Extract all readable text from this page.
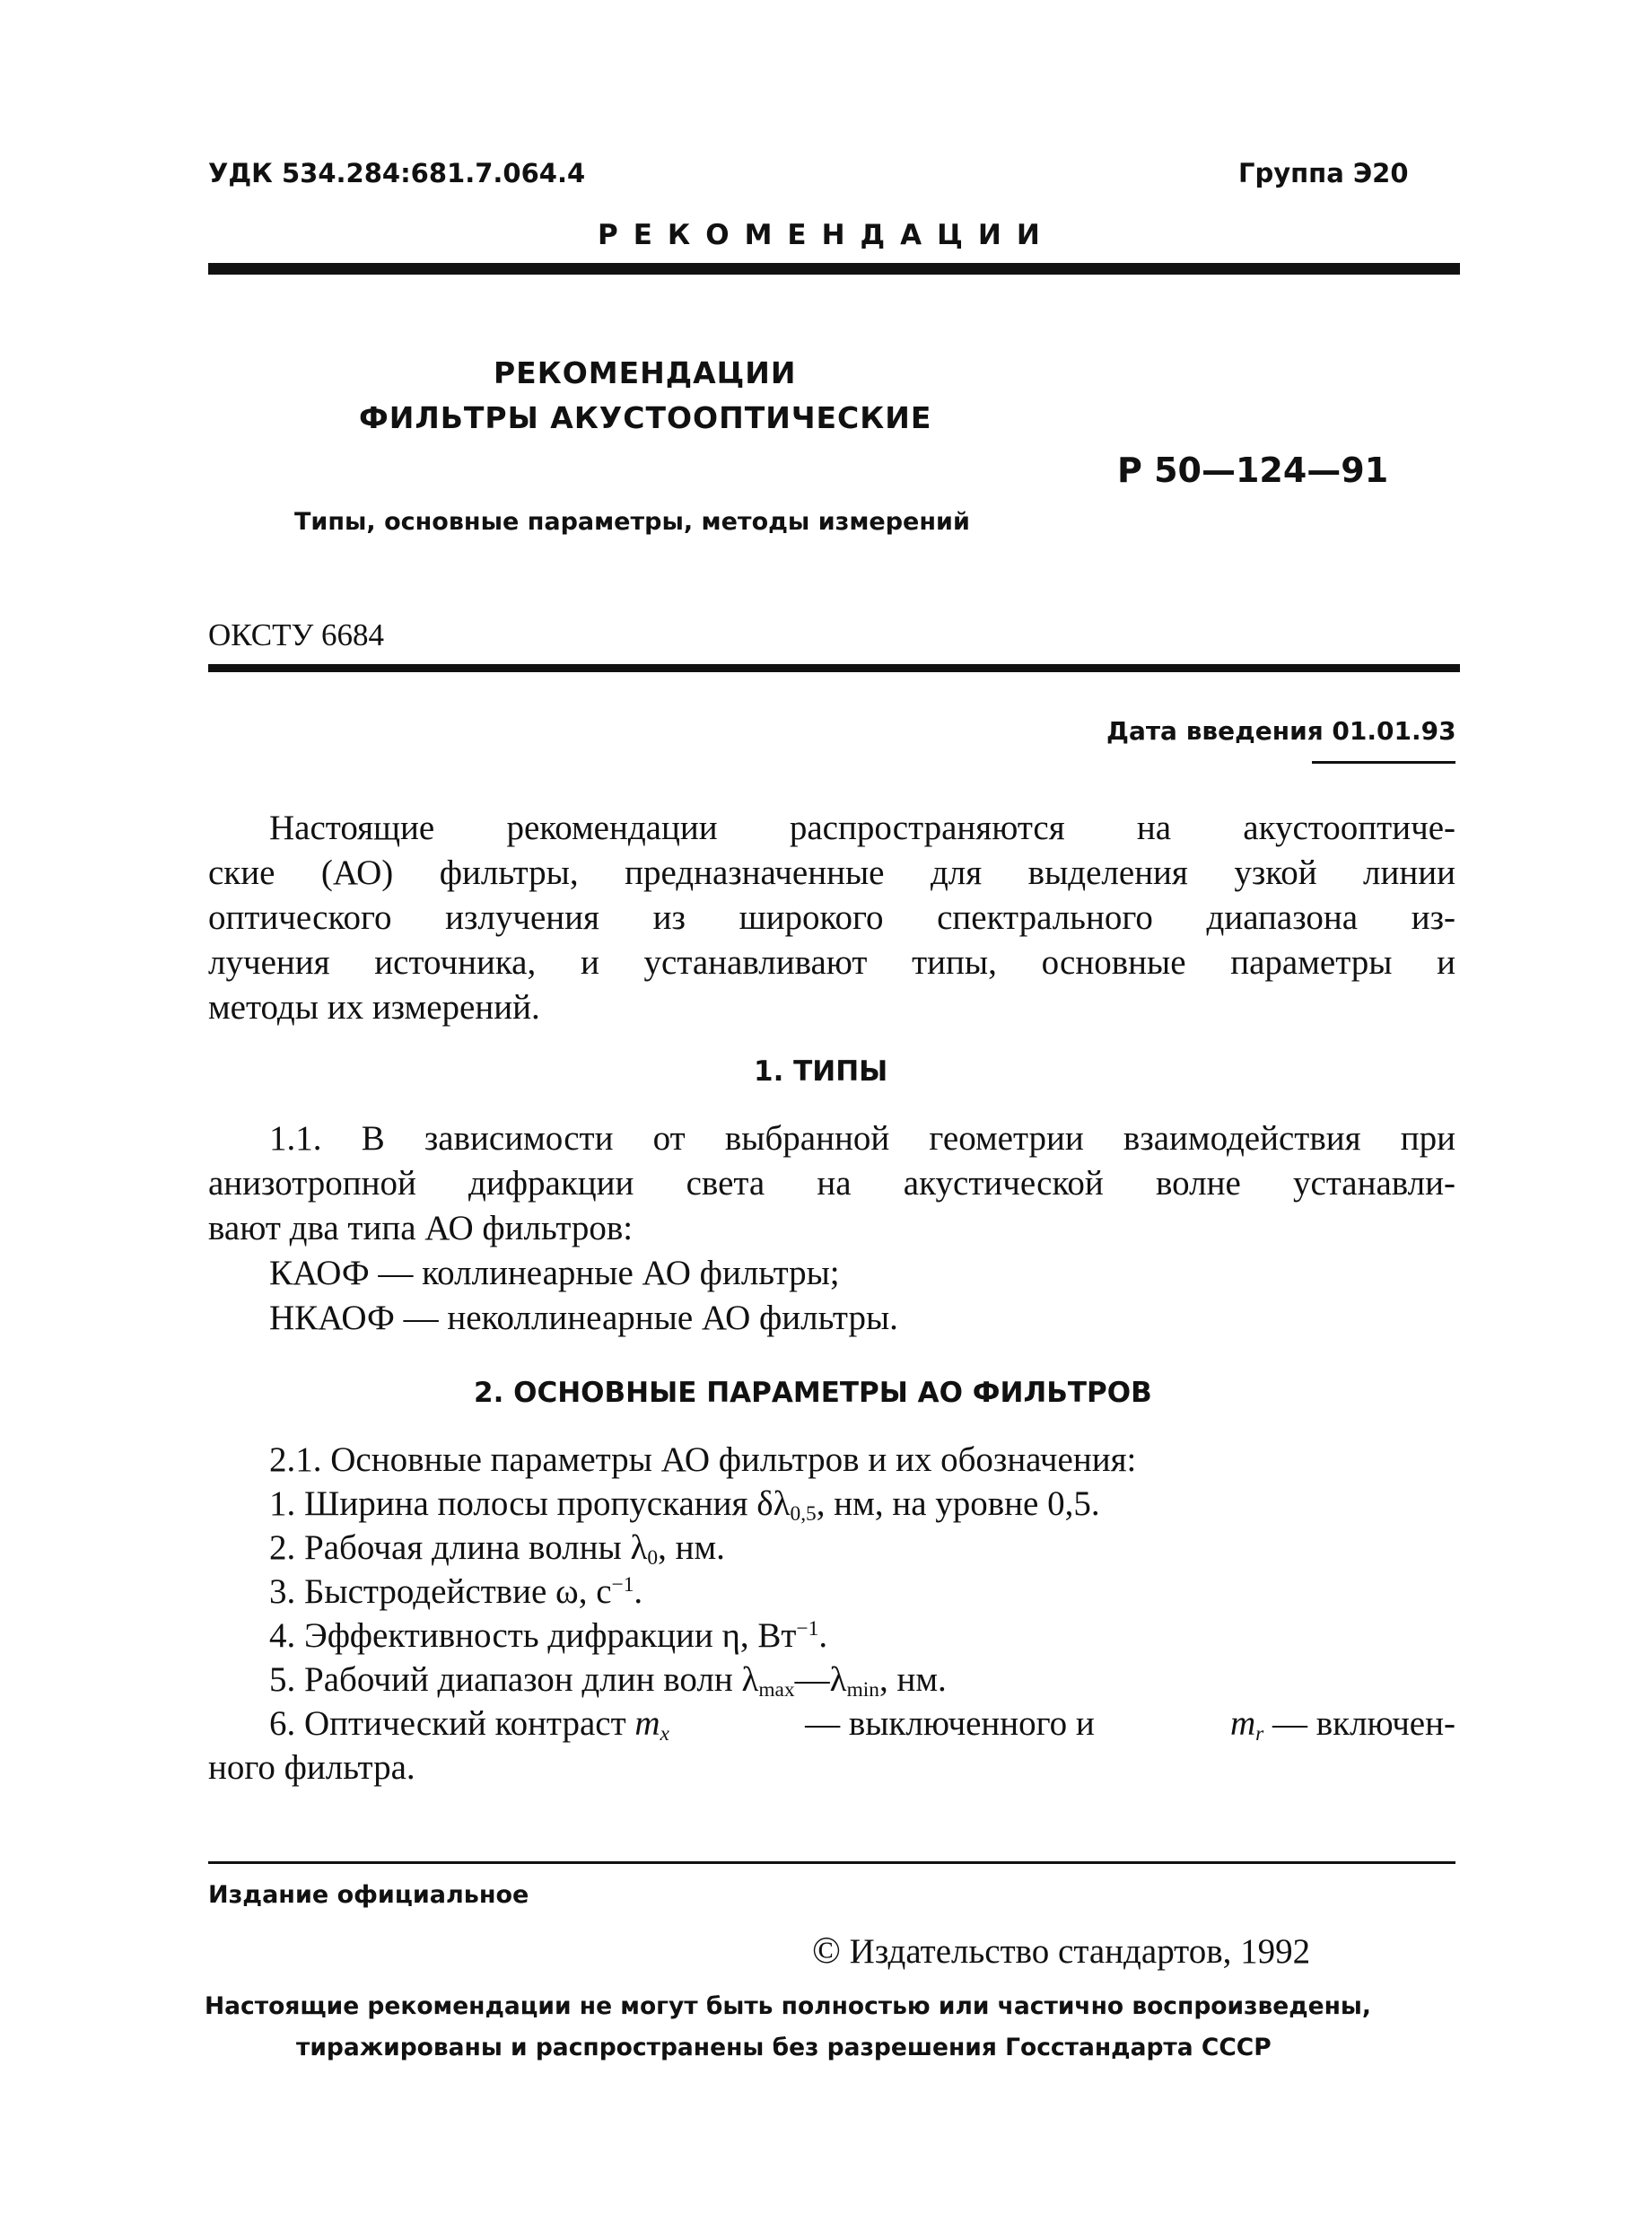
УДК 534.284:681.7.064.4	Группа Э20
РЕКОМЕНДАЦИИ
РЕКОМЕНДАЦИИ
ФИЛЬТРЫ АКУСТООПТИЧЕСКИЕ
Р 50—124—91
Типы, основные параметры, методы измерений
ОКСТУ 6684
Дата введения 01.01.93
Настоящие рекомендации распространяются на акустооптиче-
ские (АО) фильтры, предназначенные для выделения узкой линии
оптического излучения из широкого спектрального диапазона из-
лучения источника, и устанавливают типы, основные параметры и
методы их измерений.
1. ТИПЫ
1.1. В зависимости от выбранной геометрии взаимодействия при
анизотропной дифракции света на акустической волне устанавли-
вают два типа АО фильтров:
КАОФ — коллинеарные АО фильтры;
НКАОФ — неколлинеарные АО фильтры.
2. ОСНОВНЫЕ ПАРАМЕТРЫ АО ФИЛЬТРОВ
2.1. Основные параметры АО фильтров и их обозначения:
1. Ширина полосы пропускания $\delta\lambda_{0,5}$, нм, на уровне 0,5.
2. Рабочая длина волны $\lambda_0$, нм.
3. Быстродействие ω, $с^{-1}$.
4. Эффективность дифракции η, $Вт^{-1}$.
5. Рабочий диапазон длин волн $\lambda_{max}—\lambda_{min}$, нм.
6. Оптический контраст $m_x$	— выключенного и	$m_r$ — включен-
ного фильтра.
Издание официальное
© Издательство стандартов, 1992
Настоящие рекомендации не могут быть полностью или частично воспроизведены,
тиражированы и распространены без разрешения Госстандарта СССР
